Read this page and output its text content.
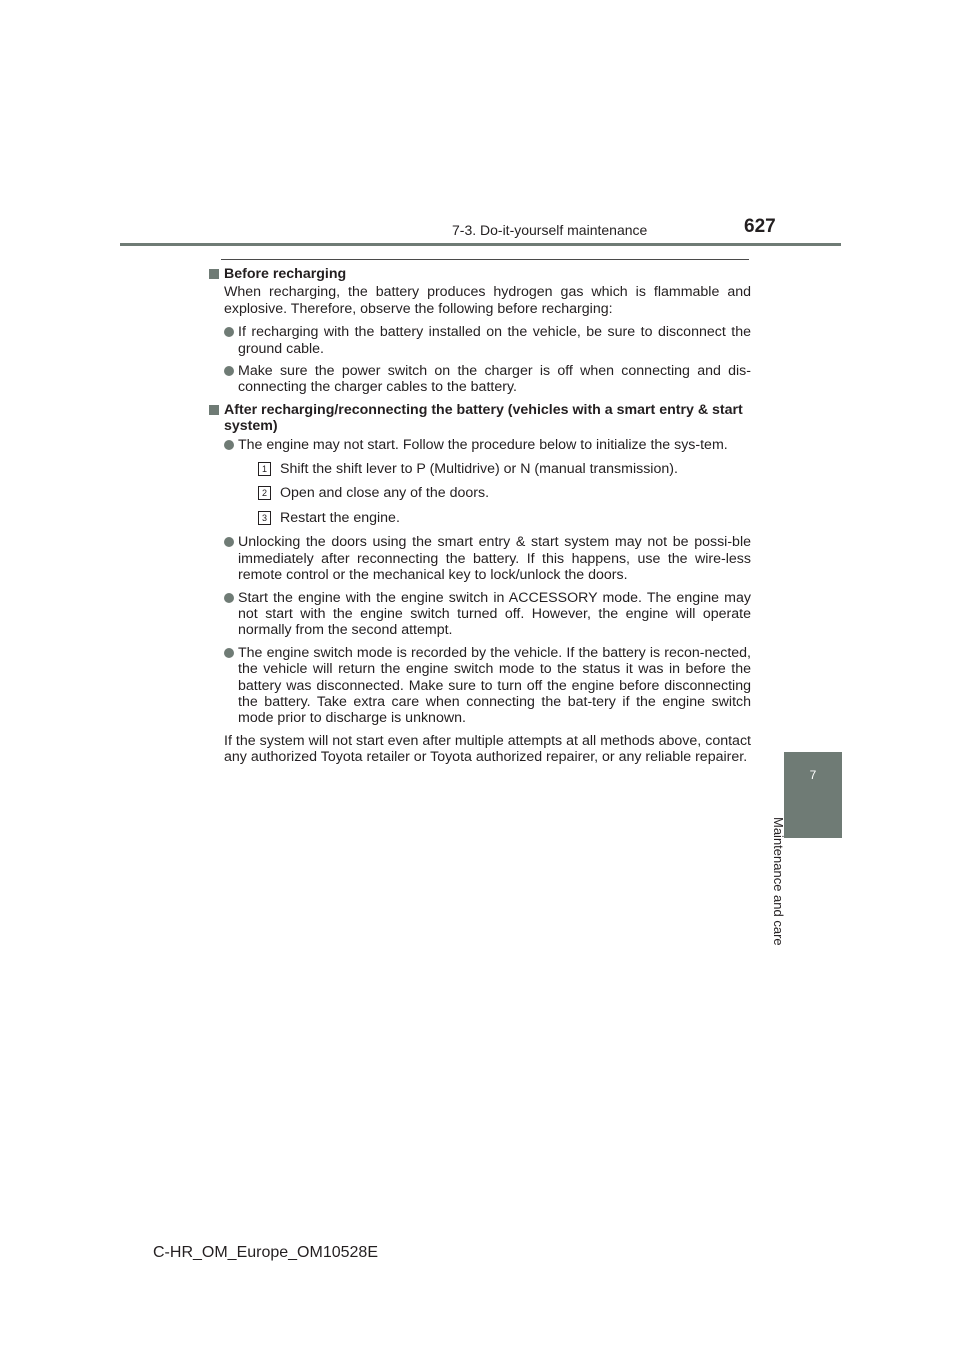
7-3. Do-it-yourself maintenance	627
7
Maintenance and care
Before recharging
When recharging, the battery produces hydrogen gas which is flammable and explosive. Therefore, observe the following before recharging:
If recharging with the battery installed on the vehicle, be sure to disconnect the ground cable.
Make sure the power switch on the charger is off when connecting and dis-connecting the charger cables to the battery.
After recharging/reconnecting the battery (vehicles with a smart entry & start system)
The engine may not start. Follow the procedure below to initialize the sys-tem.
1 Shift the shift lever to P (Multidrive) or N (manual transmission).
2 Open and close any of the doors.
3 Restart the engine.
Unlocking the doors using the smart entry & start system may not be possi-ble immediately after reconnecting the battery. If this happens, use the wire-less remote control or the mechanical key to lock/unlock the doors.
Start the engine with the engine switch in ACCESSORY mode. The engine may not start with the engine switch turned off. However, the engine will operate normally from the second attempt.
The engine switch mode is recorded by the vehicle. If the battery is recon-nected, the vehicle will return the engine switch mode to the status it was in before the battery was disconnected. Make sure to turn off the engine before disconnecting the battery. Take extra care when connecting the bat-tery if the engine switch mode prior to discharge is unknown.
If the system will not start even after multiple attempts at all methods above, contact any authorized Toyota retailer or Toyota authorized repairer, or any reliable repairer.
C-HR_OM_Europe_OM10528E
